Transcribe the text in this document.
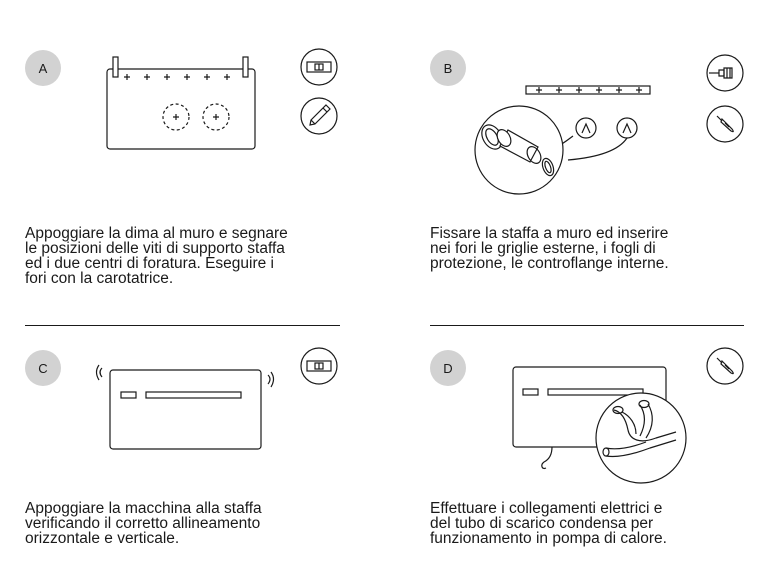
A	B
C	D
Appoggiare la dima al muro e segnare
le posizioni delle viti di supporto staffa
ed i due centri di foratura. Eseguire i
fori con la carotatrice.
Fissare la staffa a muro ed inserire
nei fori le griglie esterne, i fogli di
protezione, le controflange interne.
Appoggiare la macchina alla staffa
verificando il corretto allineamento
orizzontale e verticale.
Effettuare i collegamenti elettrici e
del tubo di scarico condensa per
funzionamento in pompa di calore.
